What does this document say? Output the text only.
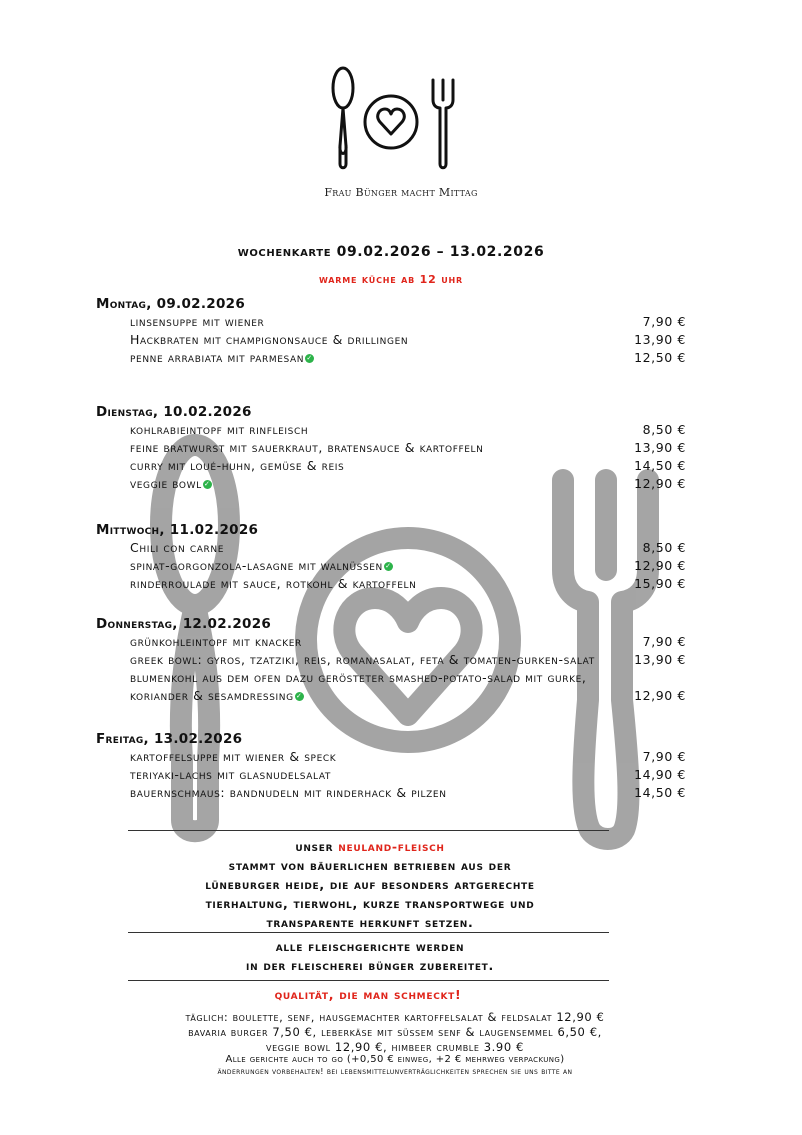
Frau Bünger macht Mittag
wochenkarte 09.02.2026 – 13.02.2026
warme küche ab 12 uhr
Montag, 09.02.2026
linsensuppe mit wiener	7,90 €
Hackbraten mit champignonsauce & drillingen	13,90 €
penne arrabiata mit parmesan ✓	12,50 €
Dienstag, 10.02.2026
kohlrabieintopf mit rinfleisch	8,50 €
feine bratwurst mit sauerkraut, bratensauce & kartoffeln	13,90 €
curry mit loué-huhn, gemüse & reis	14,50 €
veggie bowl ✓	12,90 €
Mittwoch, 11.02.2026
Chili con carne	8,50 €
spinat-gorgonzola-lasagne mit walnüssen ✓	12,90 €
rinderroulade mit sauce, rotkohl & kartoffeln	15,90 €
Donnerstag, 12.02.2026
grünkohleintopf mit knacker	7,90 €
greek bowl: gyros, tzatziki, reis, romanasalat, feta & tomaten-gurken-salat	13,90 €
blumenkohl aus dem ofen dazu gerösteter smashed-potato-salad mit gurke, koriander & sesamdressing ✓	12,90 €
Freitag, 13.02.2026
kartoffelsuppe mit wiener & speck	7,90 €
teriyaki-lachs mit glasnudelsalat	14,90 €
bauernschmaus: bandnudeln mit rinderhack & pilzen	14,50 €
unser neuland-fleisch
stammt von bäuerlichen betrieben aus der
lüneburger heide, die auf besonders artgerechte
tierhaltung, tierwohl, kurze transportwege und
transparente herkunft setzen.
alle fleischgerichte werden
in der fleischerei bünger zubereitet.
qualität, die man schmeckt!
täglich: boulette, senf, hausgemachter kartoffelsalat & feldsalat 12,90 €
bavaria burger 7,50 €, leberkäse mit süssem senf & laugensemmel 6,50 €,
veggie bowl 12,90 €, himbeer crumble 3.90 €
Alle gerichte auch to go (+0,50 € einweg, +2 € mehrweg verpackung)
änderrungen vorbehalten! bei lebensmittelunverträglichkeiten sprechen sie uns bitte an
